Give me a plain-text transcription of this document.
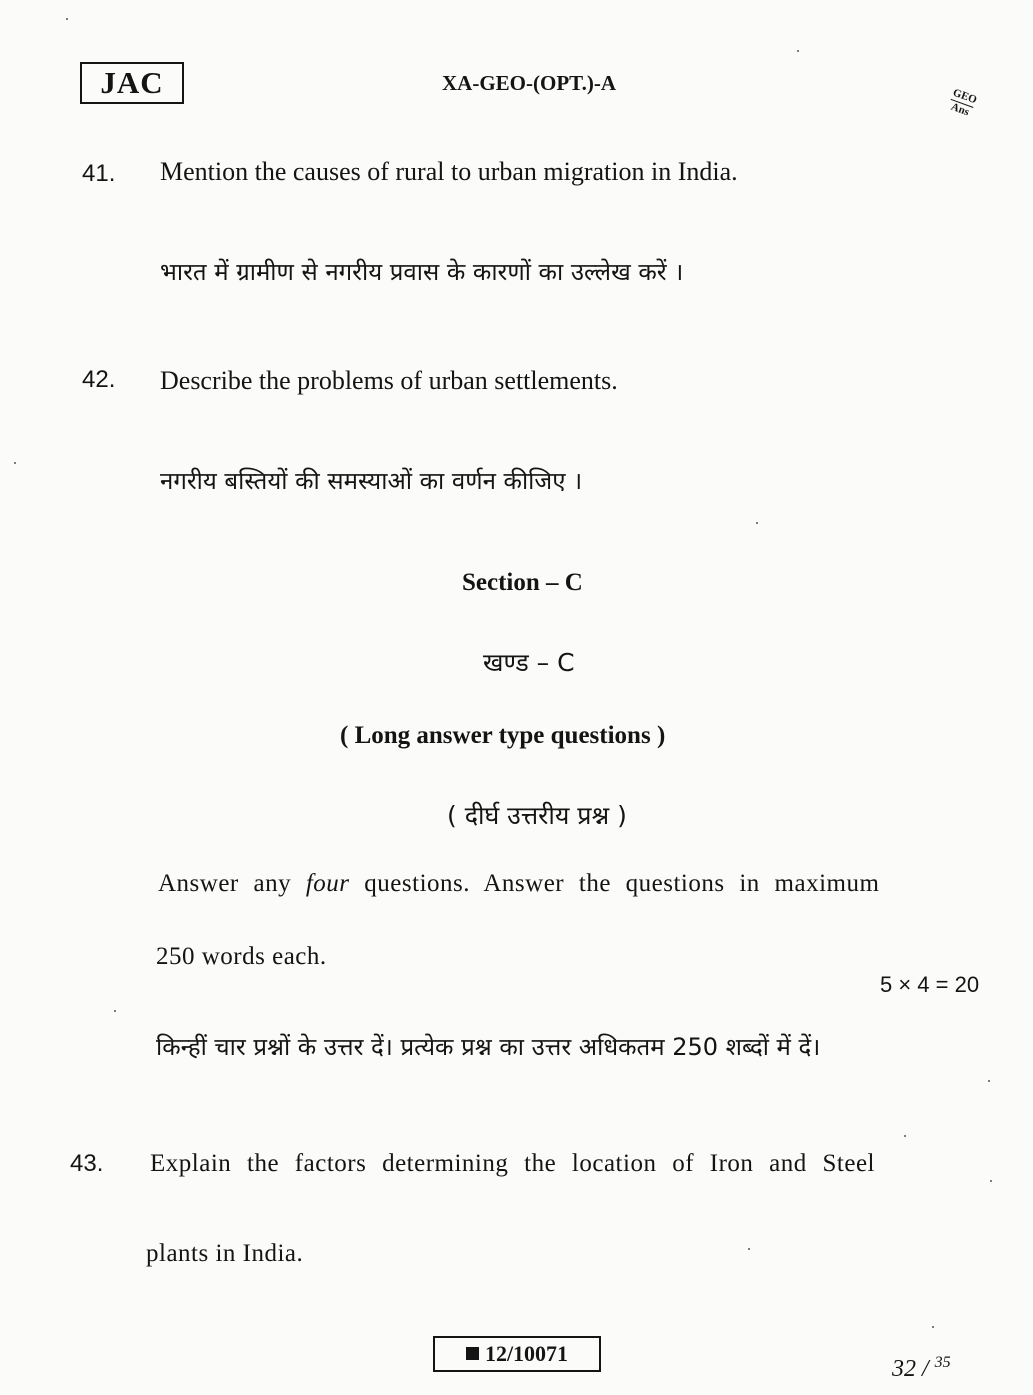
JAC	XA-GEO-(OPT.)-A
GEO
Ans
41. Mention the causes of rural to urban migration in India.
भारत में ग्रामीण से नगरीय प्रवास के कारणों का उल्लेख करें ।
42. Describe the problems of urban settlements.
नगरीय बस्तियों की समस्याओं का वर्णन कीजिए ।
Section – C
खण्ड – C
( Long answer type questions )
( दीर्घ उत्तरीय प्रश्न )
Answer any four questions. Answer the questions in maximum
250 words each.
5 × 4 = 20
किन्हीं चार प्रश्नों के उत्तर दें। प्रत्येक प्रश्न का उत्तर अधिकतम 250 शब्दों में दें।
43. Explain the factors determining the location of Iron and Steel
plants in India.
12/10071
32 / $^{35}$
